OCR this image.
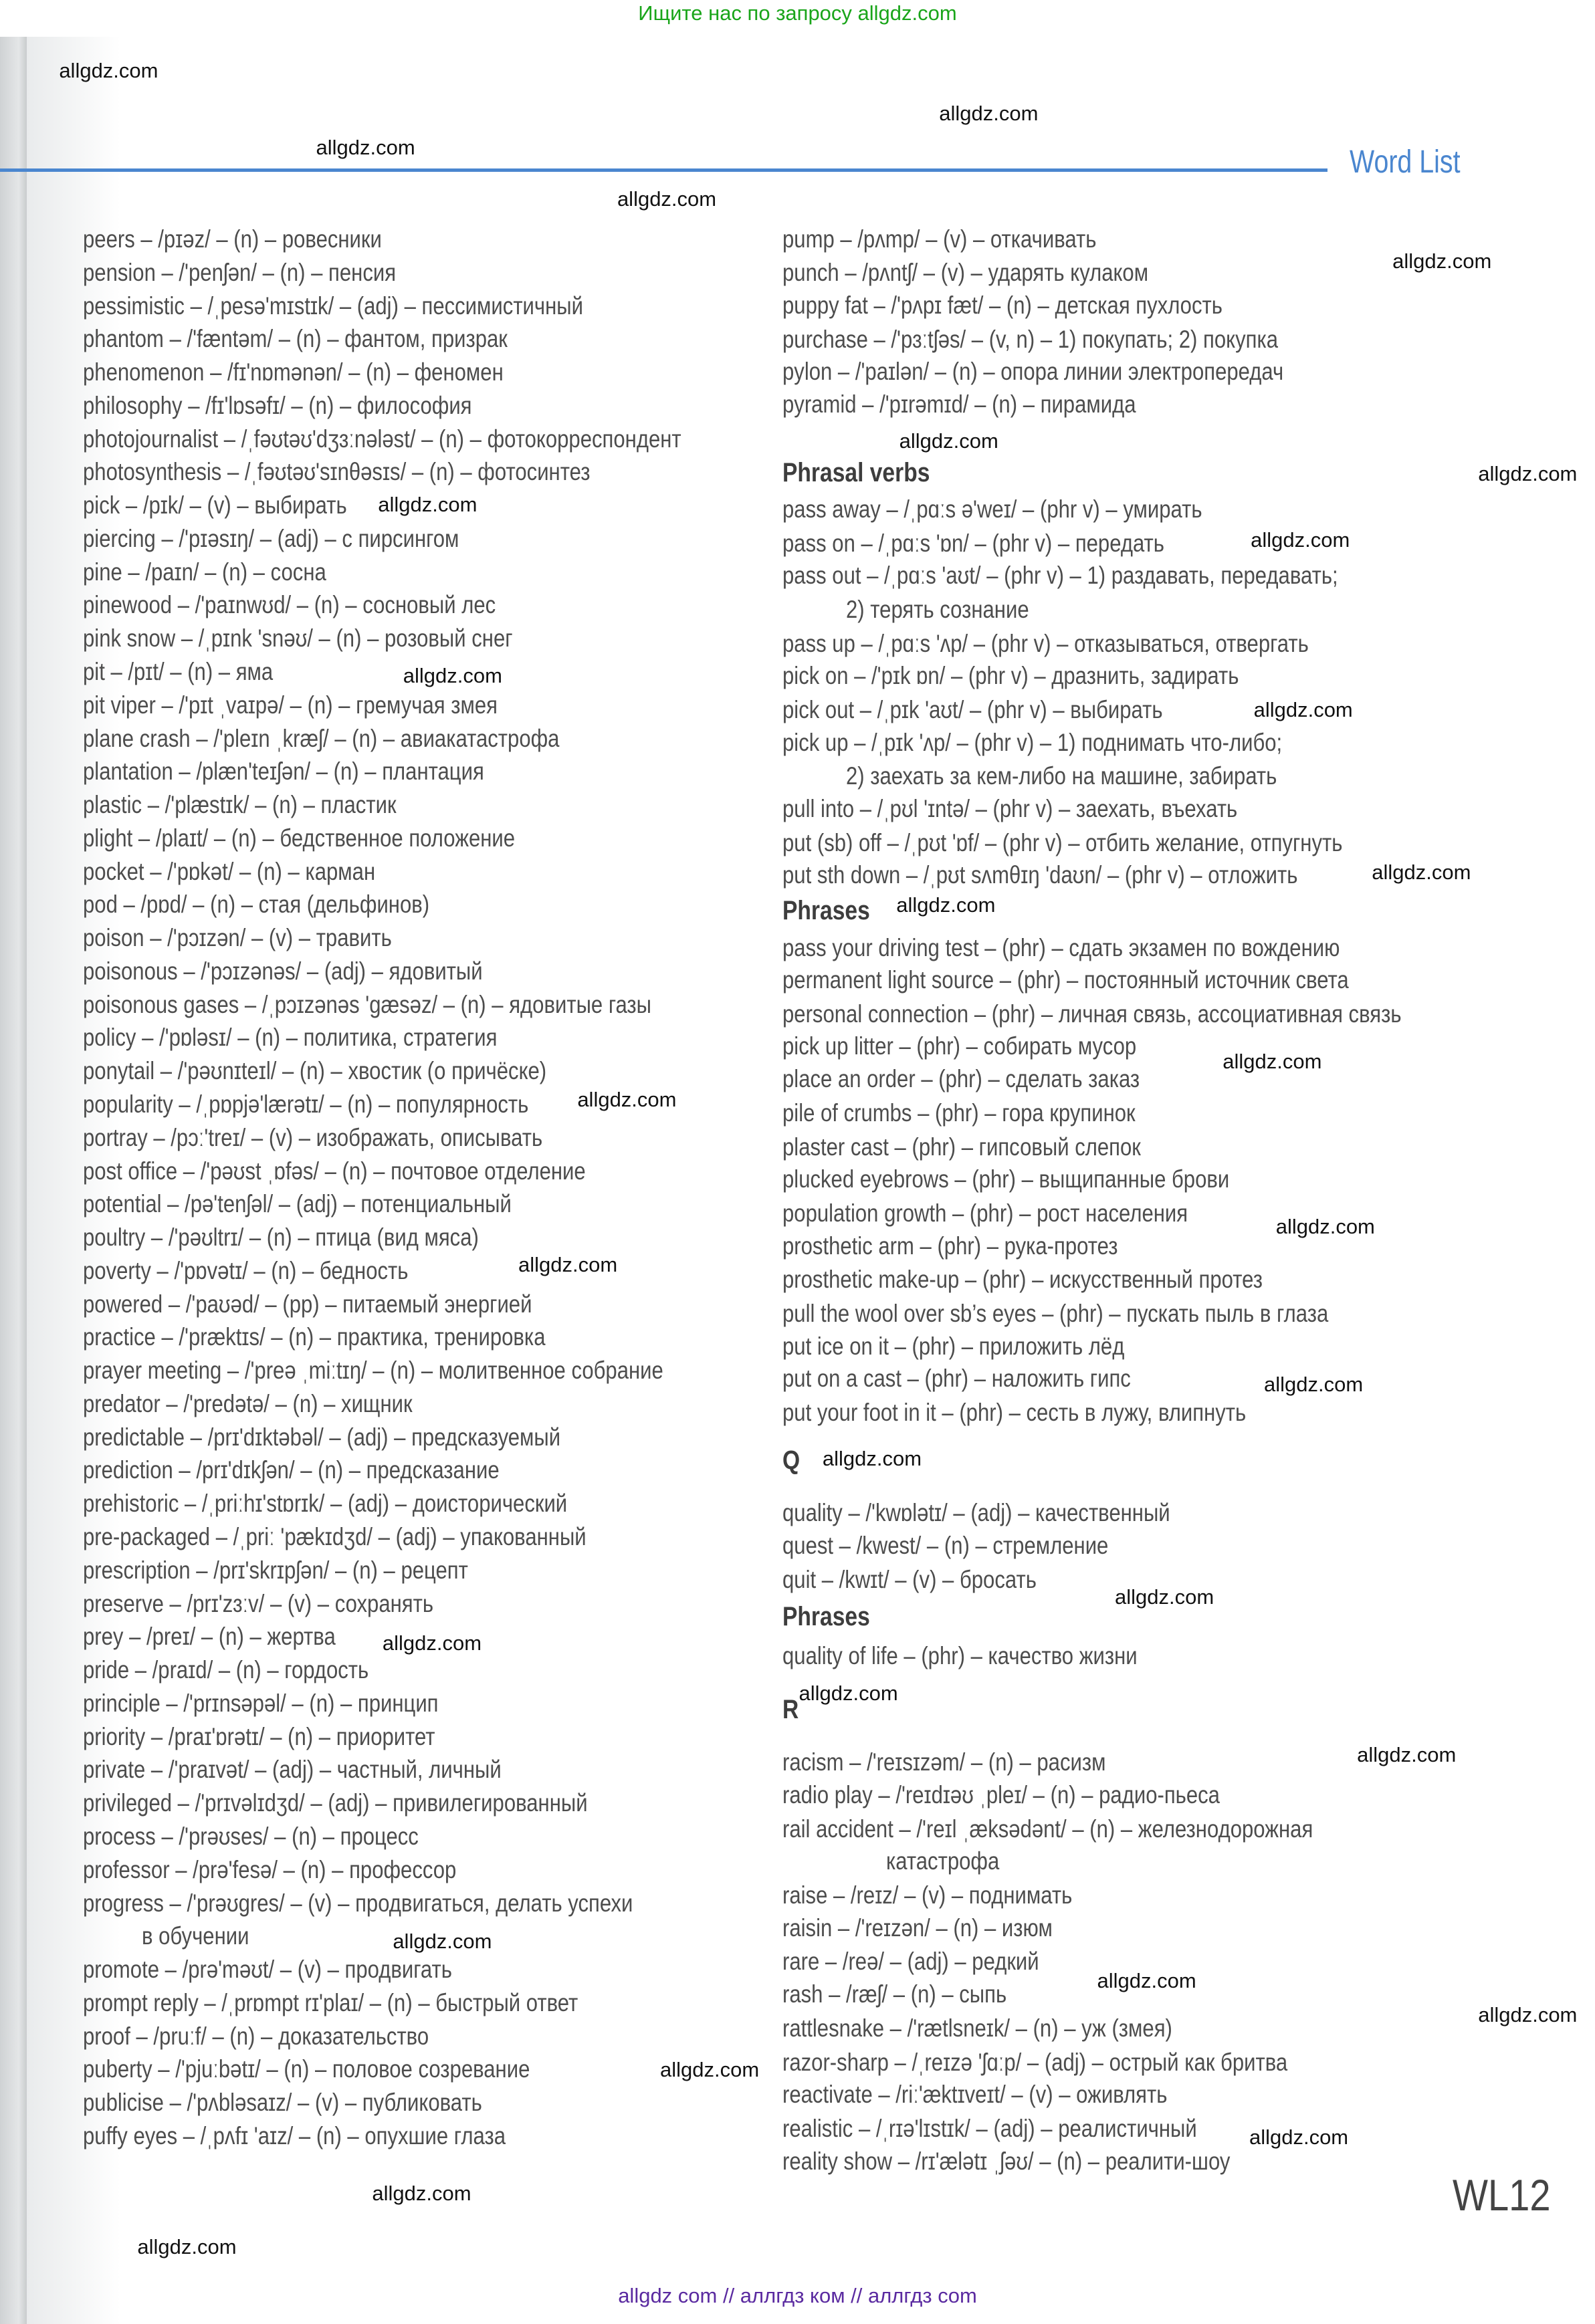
Ищите нас по запросу allgdz.com
Word List
peers – /pɪəz/ – (n) – ровесники
pension – /'penʃən/ – (n) – пенсия
pessimistic – /ˌpesə'mɪstɪk/ – (adj) – пессимистичный
phantom – /'fæntəm/ – (n) – фантом, призрак
phenomenon – /fɪ'nɒmənən/ – (n) – феномен
philosophy – /fɪ'lɒsəfɪ/ – (n) – философия
photojournalist – /ˌfəʊtəʊ'dʒɜːnələst/ – (n) – фотокорреспондент
photosynthesis – /ˌfəʊtəʊ'sɪnθəsɪs/ – (n) – фотосинтез
pick – /pɪk/ – (v) – выбирать
piercing – /'pɪəsɪŋ/ – (adj) – с пирсингом
pine – /paɪn/ – (n) – сосна
pinewood – /'paɪnwʊd/ – (n) – сосновый лес
pink snow – /ˌpɪnk 'snəʊ/ – (n) – розовый снег
pit – /pɪt/ – (n) – яма
pit viper – /'pɪt ˌvaɪpə/ – (n) – гремучая змея
plane crash – /'pleɪn ˌkræʃ/ – (n) – авиакатастрофа
plantation – /plæn'teɪʃən/ – (n) – плантация
plastic – /'plæstɪk/ – (n) – пластик
plight – /plaɪt/ – (n) – бедственное положение
pocket – /'pɒkət/ – (n) – карман
pod – /pɒd/ – (n) – стая (дельфинов)
poison – /'pɔɪzən/ – (v) – травить
poisonous – /'pɔɪzənəs/ – (adj) – ядовитый
poisonous gases – /ˌpɔɪzənəs 'gæsəz/ – (n) – ядовитые газы
policy – /'pɒləsɪ/ – (n) – политика, стратегия
ponytail – /'pəʊnɪteɪl/ – (n) – хвостик (о причёске)
popularity – /ˌpɒpjə'lærətɪ/ – (n) – популярность
portray – /pɔː'treɪ/ – (v) – изображать, описывать
post office – /'pəʊst ˌɒfəs/ – (n) – почтовое отделение
potential – /pə'tenʃəl/ – (adj) – потенциальный
poultry – /'pəʊltrɪ/ – (n) – птица (вид мяса)
poverty – /'pɒvətɪ/ – (n) – бедность
powered – /'paʊəd/ – (pp) – питаемый энергией
practice – /'præktɪs/ – (n) – практика, тренировка
prayer meeting – /'preə ˌmiːtɪŋ/ – (n) – молитвенное собрание
predator – /'predətə/ – (n) – хищник
predictable – /prɪ'dɪktəbəl/ – (adj) – предсказуемый
prediction – /prɪ'dɪkʃən/ – (n) – предсказание
prehistoric – /ˌpriːhɪ'stɒrɪk/ – (adj) – доисторический
pre-packaged – /ˌpriː 'pækɪdʒd/ – (adj) – упакованный
prescription – /prɪ'skrɪpʃən/ – (n) – рецепт
preserve – /prɪ'zɜːv/ – (v) – сохранять
prey – /preɪ/ – (n) – жертва
pride – /praɪd/ – (n) – гордость
principle – /'prɪnsəpəl/ – (n) – принцип
priority – /praɪ'ɒrətɪ/ – (n) – приоритет
private – /'praɪvət/ – (adj) – частный, личный
privileged – /'prɪvəlɪdʒd/ – (adj) – привилегированный
process – /'prəʊses/ – (n) – процесс
professor – /prə'fesə/ – (n) – профессор
progress – /'prəʊgres/ – (v) – продвигаться, делать успехи
в обучении
promote – /prə'məʊt/ – (v) – продвигать
prompt reply – /ˌprɒmpt rɪ'plaɪ/ – (n) – быстрый ответ
proof – /pruːf/ – (n) – доказательство
puberty – /'pjuːbətɪ/ – (n) – половое созревание
publicise – /'pʌbləsaɪz/ – (v) – публиковать
puffy eyes – /ˌpʌfɪ 'aɪz/ – (n) – опухшие глаза
pump – /pʌmp/ – (v) – откачивать
punch – /pʌntʃ/ – (v) – ударять кулаком
puppy fat – /'pʌpɪ fæt/ – (n) – детская пухлость
purchase – /'pɜːtʃəs/ – (v, n) – 1) покупать; 2) покупка
pylon – /'paɪlən/ – (n) – опора линии электропередач
pyramid – /'pɪrəmɪd/ – (n) – пирамида
Phrasal verbs
pass away – /ˌpɑːs ə'weɪ/ – (phr v) – умирать
pass on – /ˌpɑːs 'ɒn/ – (phr v) – передать
pass out – /ˌpɑːs 'aʊt/ – (phr v) – 1) раздавать, передавать;
2) терять сознание
pass up – /ˌpɑːs 'ʌp/ – (phr v) – отказываться, отвергать
pick on – /'pɪk ɒn/ – (phr v) – дразнить, задирать
pick out – /ˌpɪk 'aʊt/ – (phr v) – выбирать
pick up – /ˌpɪk 'ʌp/ – (phr v) – 1) поднимать что-либо;
2) заехать за кем-либо на машине, забирать
pull into – /ˌpʊl 'ɪntə/ – (phr v) – заехать, въехать
put (sb) off – /ˌpʊt 'ɒf/ – (phr v) – отбить желание, отпугнуть
put sth down – /ˌpʊt sʌmθɪŋ 'daʊn/ – (phr v) – отложить
Phrases
pass your driving test – (phr) – сдать экзамен по вождению
permanent light source – (phr) – постоянный источник света
personal connection – (phr) – личная связь, ассоциативная связь
pick up litter – (phr) – собирать мусор
place an order – (phr) – сделать заказ
pile of crumbs – (phr) – гора крупинок
plaster cast – (phr) – гипсовый слепок
plucked eyebrows – (phr) – выщипанные брови
population growth – (phr) – рост населения
prosthetic arm – (phr) – рука-протез
prosthetic make-up – (phr) – искусственный протез
pull the wool over sb’s eyes – (phr) – пускать пыль в глаза
put ice on it – (phr) – приложить лёд
put on a cast – (phr) – наложить гипс
put your foot in it – (phr) – сесть в лужу, влипнуть
Q
quality – /'kwɒlətɪ/ – (adj) – качественный
quest – /kwest/ – (n) – стремление
quit – /kwɪt/ – (v) – бросать
Phrases
quality of life – (phr) – качество жизни
R
racism – /'reɪsɪzəm/ – (n) – расизм
radio play – /'reɪdɪəʊ ˌpleɪ/ – (n) – радио-пьеса
rail accident – /'reɪl ˌæksədənt/ – (n) – железнодорожная
катастрофа
raise – /reɪz/ – (v) – поднимать
raisin – /'reɪzən/ – (n) – изюм
rare – /reə/ – (adj) – редкий
rash – /ræʃ/ – (n) – сыпь
rattlesnake – /'rætlsneɪk/ – (n) – уж (змея)
razor-sharp – /ˌreɪzə 'ʃɑːp/ – (adj) – острый как бритва
reactivate – /riː'æktɪveɪt/ – (v) – оживлять
realistic – /ˌrɪə'lɪstɪk/ – (adj) – реалистичный
reality show – /rɪ'ælətɪ ˌʃəʊ/ – (n) – реалити-шоу
allgdz.com
allgdz.com
allgdz.com
allgdz.com
allgdz.com
allgdz.com
allgdz.com
allgdz.com
allgdz.com
allgdz.com
allgdz.com
allgdz.com
allgdz.com
allgdz.com
allgdz.com
allgdz.com
allgdz.com
allgdz.com
allgdz.com
allgdz.com
allgdz.com
allgdz.com
allgdz.com
allgdz.com
allgdz.com
allgdz.com
allgdz.com
allgdz.com
allgdz.com
allgdz.com
WL12
allgdz com // аллгдз ком // аллгдз com
